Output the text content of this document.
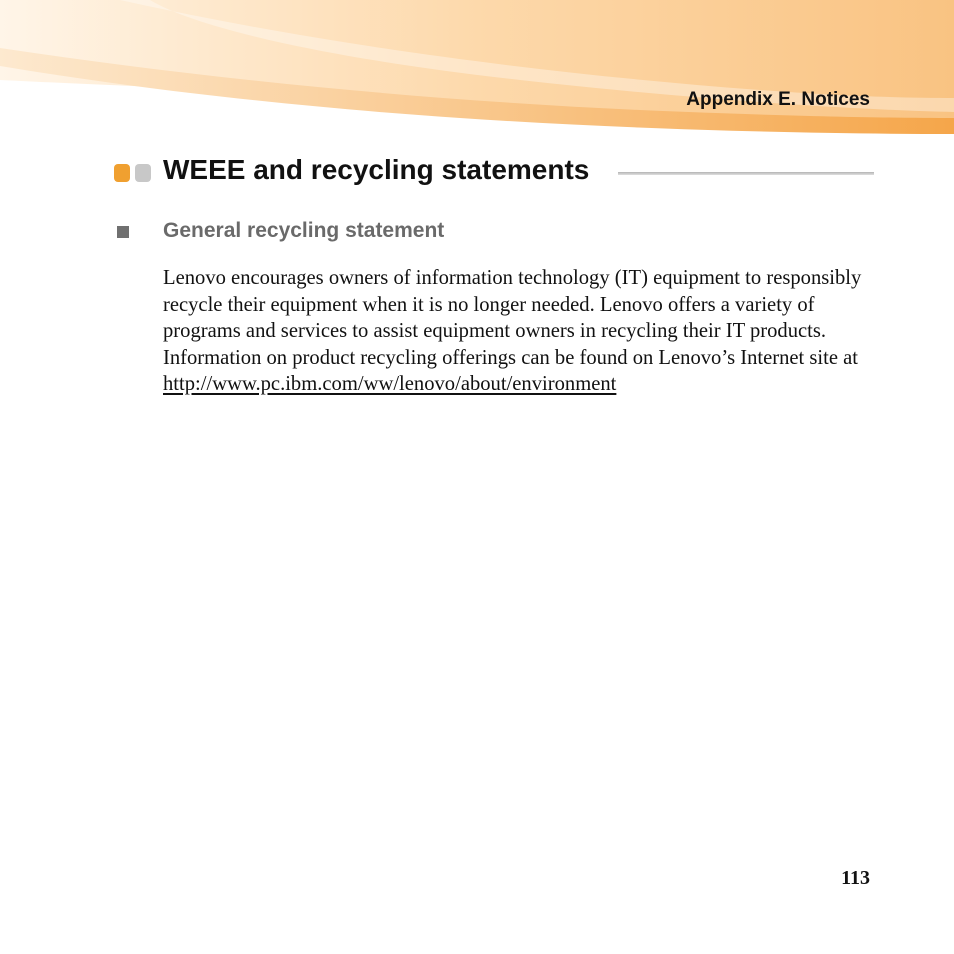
Appendix E. Notices
WEEE and recycling statements
General recycling statement

Lenovo encourages owners of information technology (IT) equipment to responsibly recycle their equipment when it is no longer needed. Lenovo offers a variety of programs and services to assist equipment owners in recycling their IT products. Information on product recycling offerings can be found on Lenovo’s Internet site at

http://www.pc.ibm.com/ww/lenovo/about/environment
113
